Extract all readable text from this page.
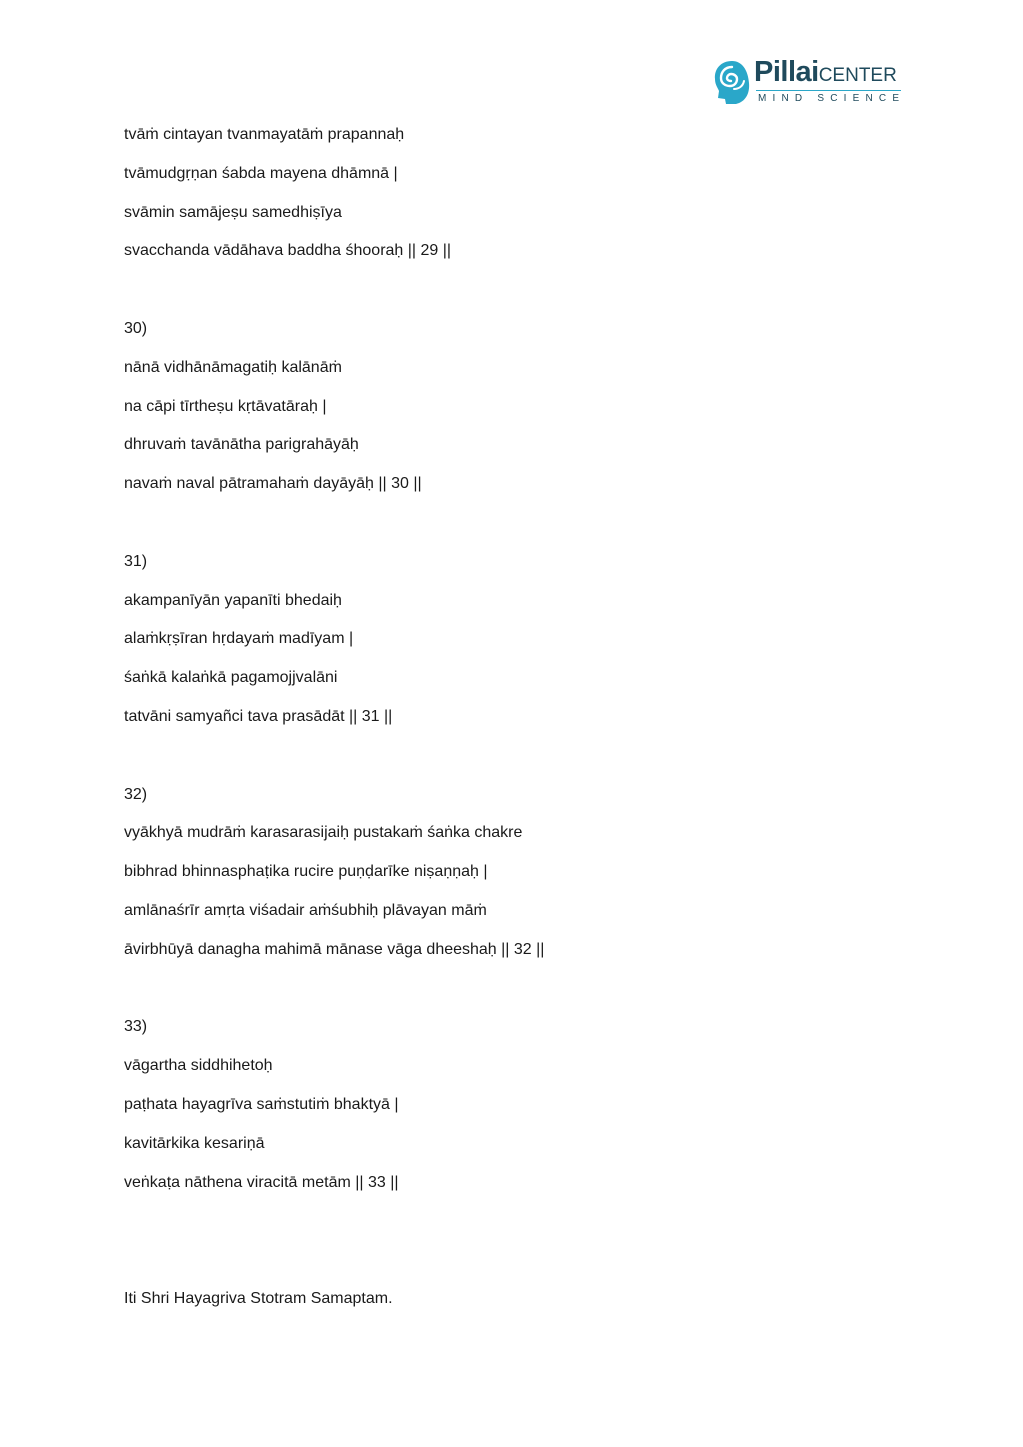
PillaiCENTER
MIND SCIENCE
tvāṁ cintayan tvanmayatāṁ prapannaḥ
tvāmudgṛṇan śabda mayena dhāmnā |
svāmin samājeṣu samedhiṣīya
svacchanda vādāhava baddha śhooraḥ || 29 ||
30)
nānā vidhānāmagatiḥ kalānāṁ
na cāpi tīrtheṣu kṛtāvatāraḥ |
dhruvaṁ tavānātha parigrahāyāḥ
navaṁ naval pātramahaṁ dayāyāḥ || 30 ||
31)
akampanīyān yapanīti bhedaiḥ
alaṁkṛṣīran hṛdayaṁ madīyam |
śaṅkā kalaṅkā pagamojjvalāni
tatvāni samyañci tava prasādāt || 31 ||
32)
vyākhyā mudrāṁ karasarasijaiḥ pustakaṁ śaṅka chakre
bibhrad bhinnasphaṭika rucire puṇḍarīke niṣaṇṇaḥ |
amlānaśrīr amṛta viśadair aṁśubhiḥ plāvayan māṁ
āvirbhūyā danagha mahimā mānase vāga dheeshaḥ || 32 ||
33)
vāgartha siddhihetoḥ
paṭhata hayagrīva saṁstutiṁ bhaktyā |
kavitārkika kesariṇā
veṅkaṭa nāthena viracitā metām || 33 ||
Iti Shri Hayagriva Stotram Samaptam.
